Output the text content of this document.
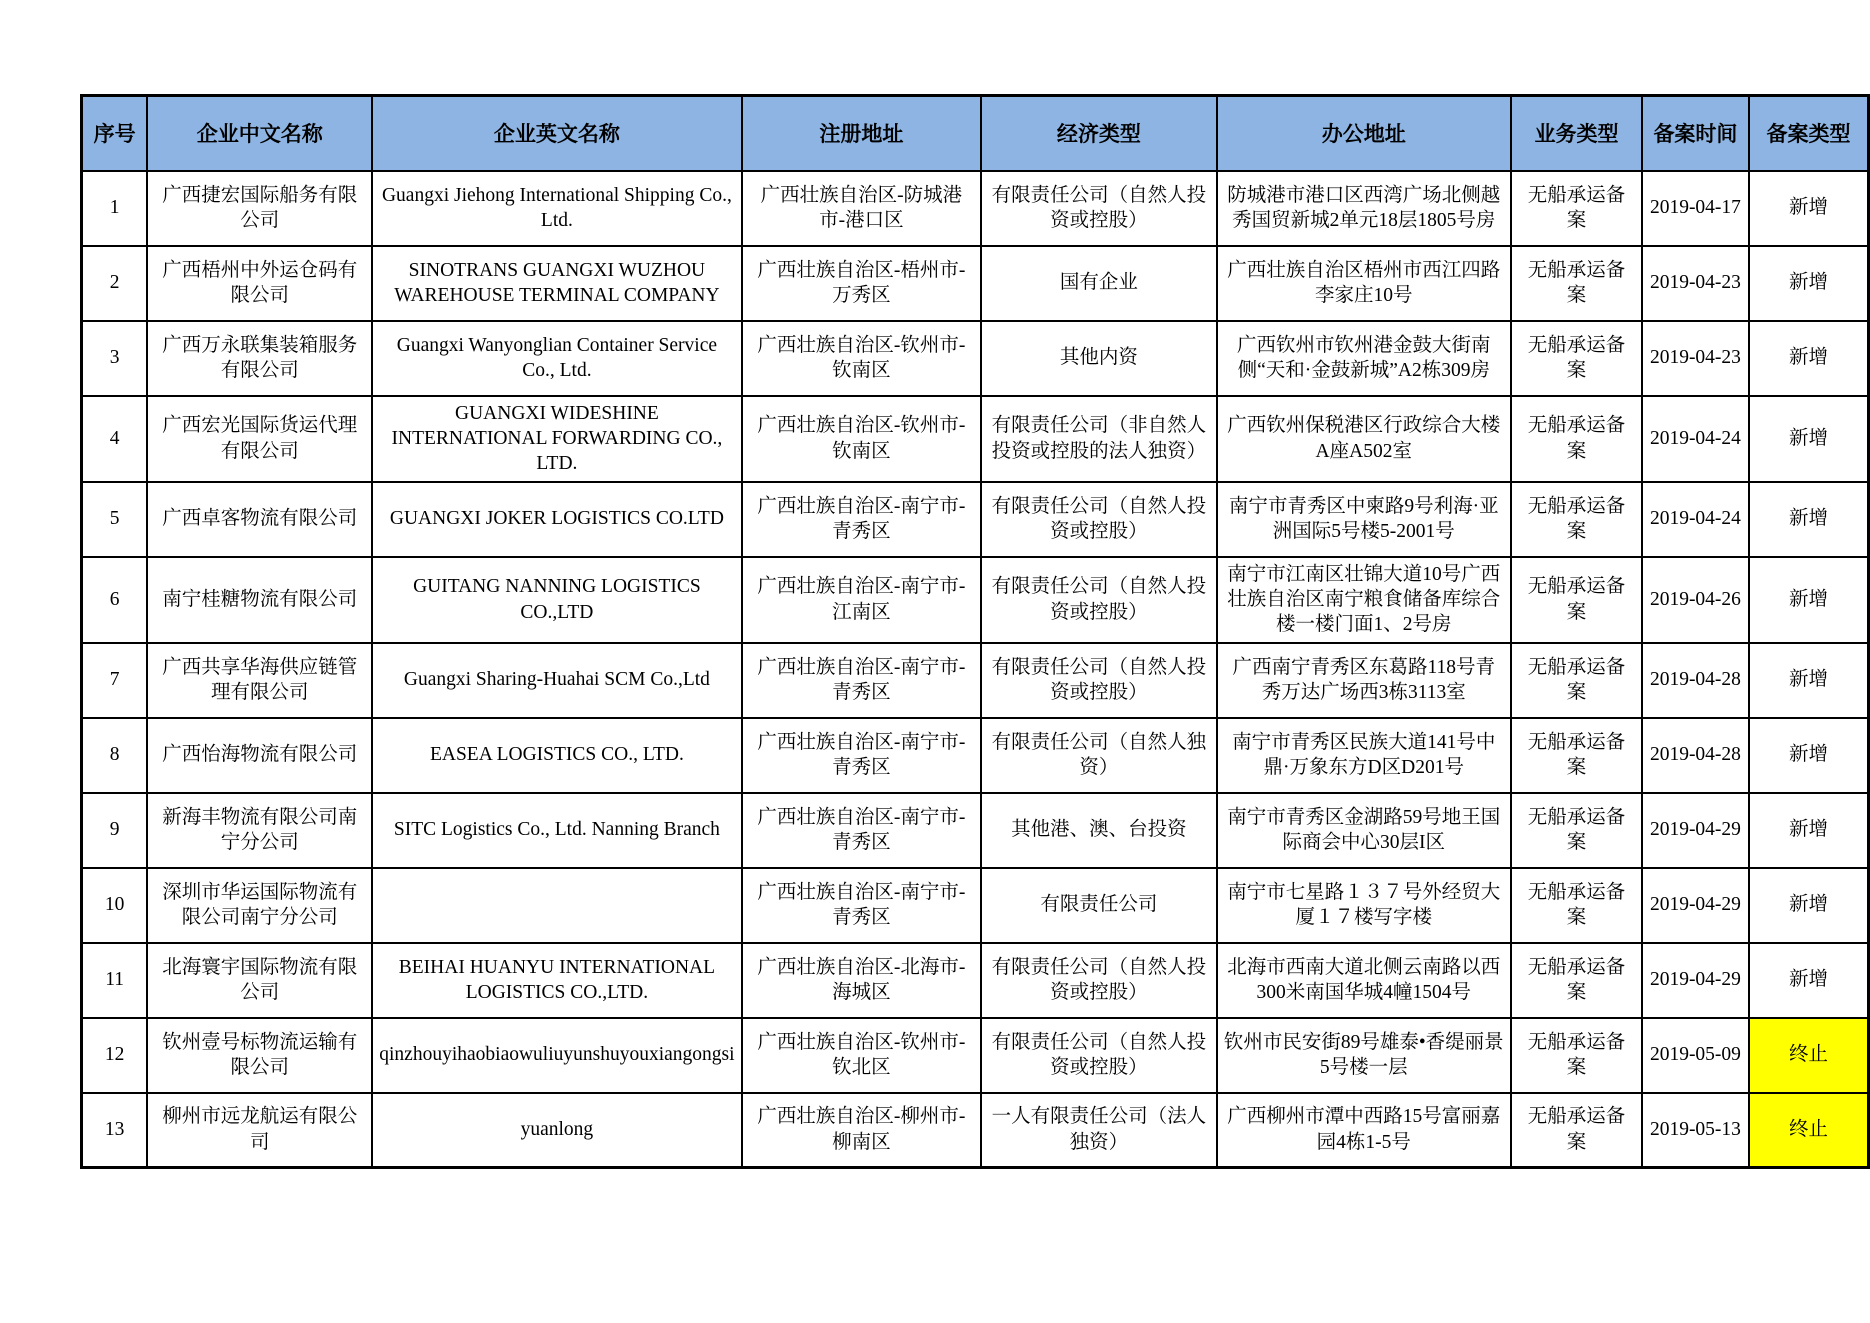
序号	企业中文名称	企业英文名称	注册地址	经济类型	办公地址	业务类型	备案时间	备案类型
1	广西捷宏国际船务有限公司	Guangxi Jiehong International Shipping Co., Ltd.	广西壮族自治区-防城港市-港口区	有限责任公司（自然人投资或控股）	防城港市港口区西湾广场北侧越秀国贸新城2单元18层1805号房	无船承运备案	2019-04-17	新增
2	广西梧州中外运仓码有限公司	SINOTRANS GUANGXI WUZHOU WAREHOUSE TERMINAL COMPANY	广西壮族自治区-梧州市-万秀区	国有企业	广西壮族自治区梧州市西江四路李家庄10号	无船承运备案	2019-04-23	新增
3	广西万永联集装箱服务有限公司	Guangxi Wanyonglian Container Service Co., Ltd.	广西壮族自治区-钦州市-钦南区	其他内资	广西钦州市钦州港金鼓大街南侧“天和·金鼓新城”A2栋309房	无船承运备案	2019-04-23	新增
4	广西宏光国际货运代理有限公司	GUANGXI WIDESHINE INTERNATIONAL FORWARDING CO., LTD.	广西壮族自治区-钦州市-钦南区	有限责任公司（非自然人投资或控股的法人独资）	广西钦州保税港区行政综合大楼A座A502室	无船承运备案	2019-04-24	新增
5	广西卓客物流有限公司	GUANGXI JOKER LOGISTICS CO.LTD	广西壮族自治区-南宁市-青秀区	有限责任公司（自然人投资或控股）	南宁市青秀区中柬路9号利海·亚洲国际5号楼5-2001号	无船承运备案	2019-04-24	新增
6	南宁桂糖物流有限公司	GUITANG NANNING LOGISTICS CO.,LTD	广西壮族自治区-南宁市-江南区	有限责任公司（自然人投资或控股）	南宁市江南区壮锦大道10号广西壮族自治区南宁粮食储备库综合楼一楼门面1、2号房	无船承运备案	2019-04-26	新增
7	广西共享华海供应链管理有限公司	Guangxi Sharing-Huahai SCM Co.,Ltd	广西壮族自治区-南宁市-青秀区	有限责任公司（自然人投资或控股）	广西南宁青秀区东葛路118号青秀万达广场西3栋3113室	无船承运备案	2019-04-28	新增
8	广西怡海物流有限公司	EASEA LOGISTICS CO., LTD.	广西壮族自治区-南宁市-青秀区	有限责任公司（自然人独资）	南宁市青秀区民族大道141号中鼎·万象东方D区D201号	无船承运备案	2019-04-28	新增
9	新海丰物流有限公司南宁分公司	SITC Logistics Co., Ltd. Nanning Branch	广西壮族自治区-南宁市-青秀区	其他港、澳、台投资	南宁市青秀区金湖路59号地王国际商会中心30层I区	无船承运备案	2019-04-29	新增
10	深圳市华运国际物流有限公司南宁分公司		广西壮族自治区-南宁市-青秀区	有限责任公司	南宁市七星路１３７号外经贸大厦１７楼写字楼	无船承运备案	2019-04-29	新增
11	北海寰宇国际物流有限公司	BEIHAI HUANYU INTERNATIONAL LOGISTICS CO.,LTD.	广西壮族自治区-北海市-海城区	有限责任公司（自然人投资或控股）	北海市西南大道北侧云南路以西300米南国华城4幢1504号	无船承运备案	2019-04-29	新增
12	钦州壹号标物流运输有限公司	qinzhouyihaobiaowuliuyunshuyouxiangongsi	广西壮族自治区-钦州市-钦北区	有限责任公司（自然人投资或控股）	钦州市民安街89号雄泰•香缇丽景5号楼一层	无船承运备案	2019-05-09	终止
13	柳州市远龙航运有限公司	yuanlong	广西壮族自治区-柳州市-柳南区	一人有限责任公司（法人独资）	广西柳州市潭中西路15号富丽嘉园4栋1-5号	无船承运备案	2019-05-13	终止
